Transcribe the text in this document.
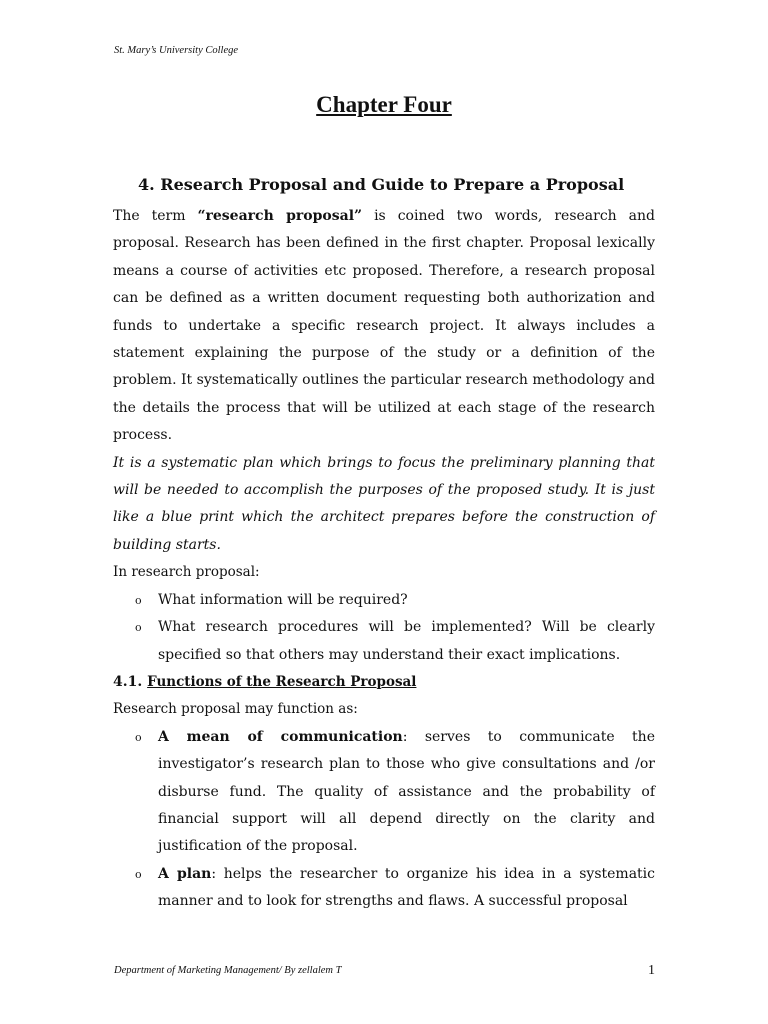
St. Mary’s University College
Chapter Four
4. Research Proposal and Guide to Prepare a Proposal

The term “research proposal” is coined two words, research and proposal. Research has been defined in the first chapter. Proposal lexically means a course of activities etc proposed. Therefore, a research proposal can be defined as a written document requesting both authorization and funds to undertake a specific research project. It always includes a statement explaining the purpose of the study or a definition of the problem. It systematically outlines the particular research methodology and the details the process that will be utilized at each stage of the research process.

It is a systematic plan which brings to focus the preliminary planning that will be needed to accomplish the purposes of the proposed study. It is just like a blue print which the architect prepares before the construction of building starts.

In research proposal:

o What information will be required?
o What research procedures will be implemented? Will be clearly specified so that others may understand their exact implications.
4.1. Functions of the Research Proposal

Research proposal may function as:

o A mean of communication: serves to communicate the investigator’s research plan to those who give consultations and /or disburse fund. The quality of assistance and the probability of financial support will all depend directly on the clarity and justification of the proposal.
o A plan: helps the researcher to organize his idea in a systematic manner and to look for strengths and flaws. A successful proposal
Department of Marketing Management/ By zellalem T	1
